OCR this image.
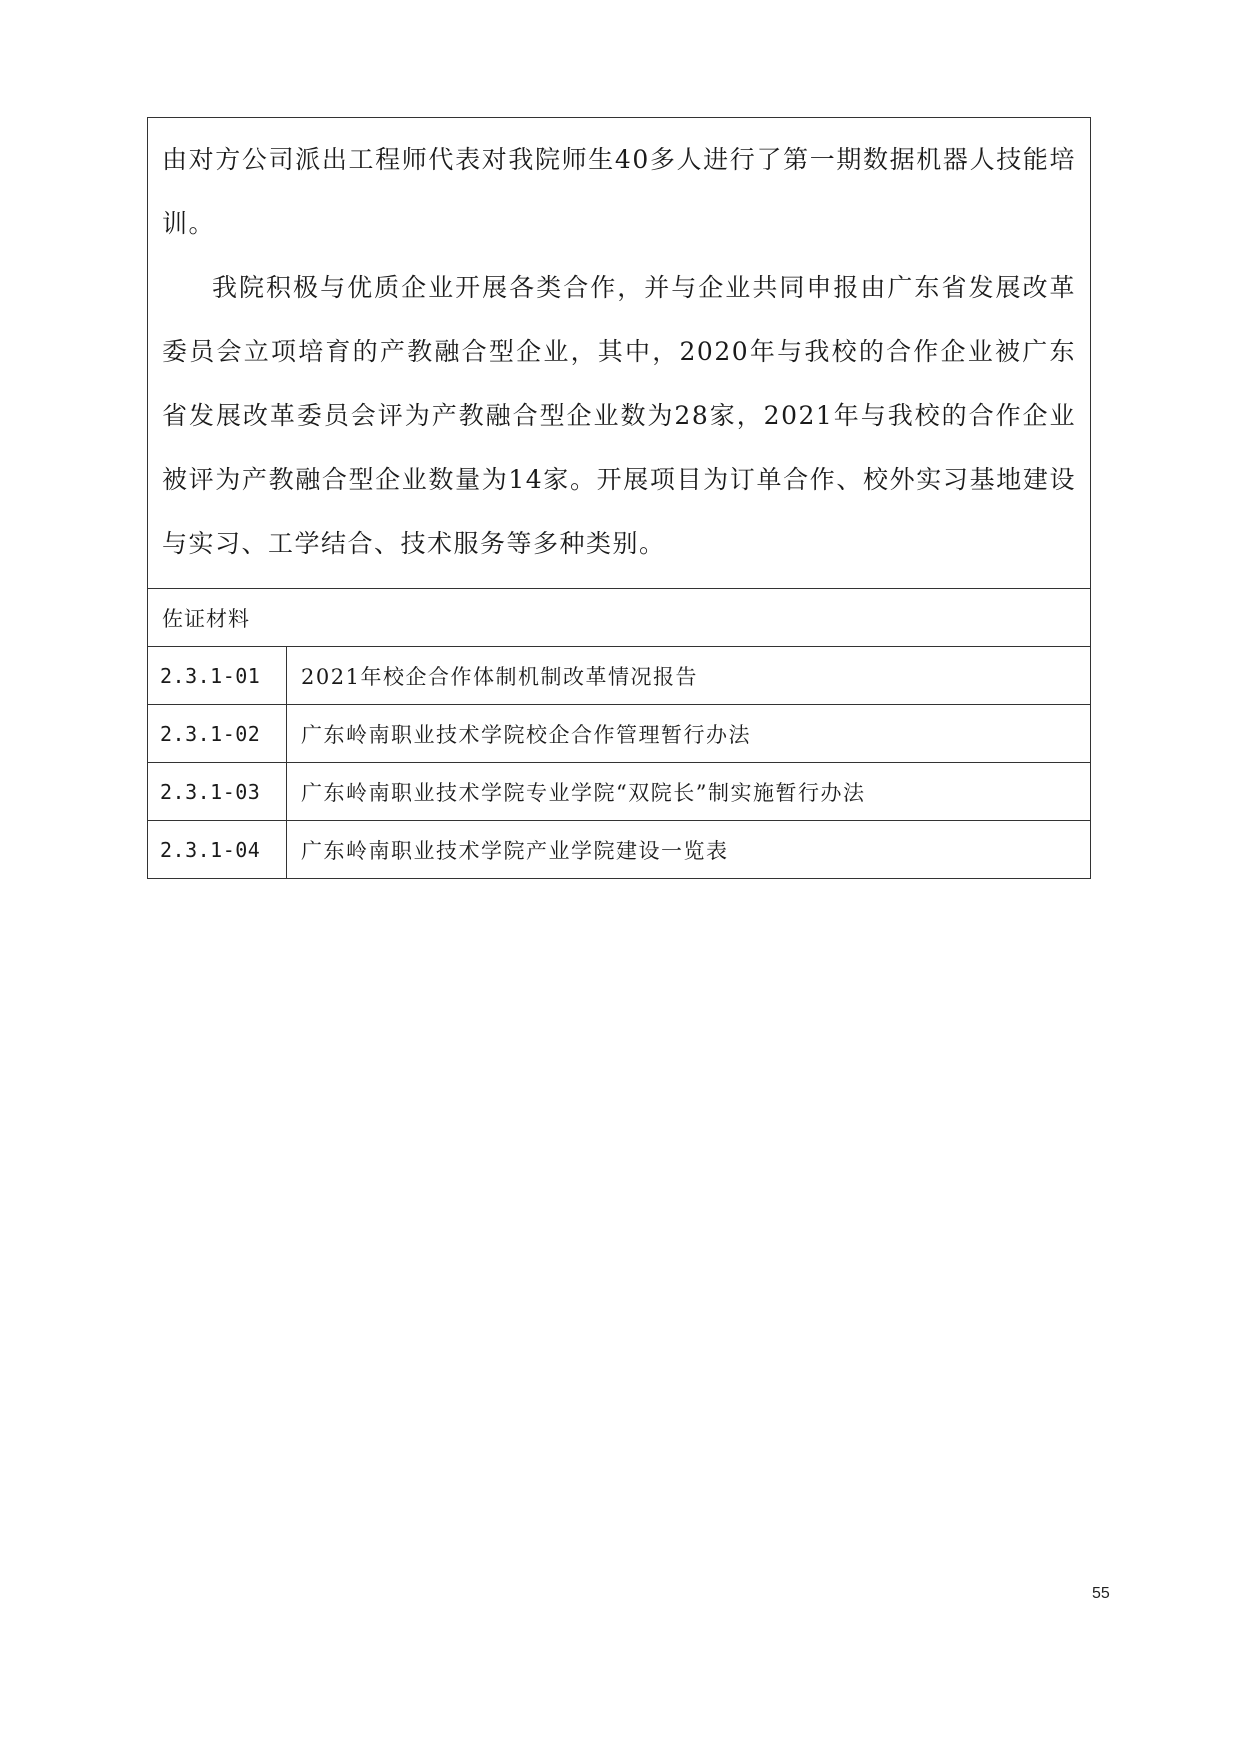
由对方公司派出工程师代表对我院师生40多人进行了第一期数据机器人技能培训。

我院积极与优质企业开展各类合作，并与企业共同申报由广东省发展改革委员会立项培育的产教融合型企业，其中，2020年与我校的合作企业被广东省发展改革委员会评为产教融合型企业数为28家，2021年与我校的合作企业被评为产教融合型企业数量为14家。开展项目为订单合作、校外实习基地建设与实习、工学结合、技术服务等多种类别。	

佐证材料	
2.3.1-01	2021年校企合作体制机制改革情况报告
2.3.1-02	广东岭南职业技术学院校企合作管理暂行办法
2.3.1-03	广东岭南职业技术学院专业学院“双院长”制实施暂行办法
2.3.1-04	广东岭南职业技术学院产业学院建设一览表
55
